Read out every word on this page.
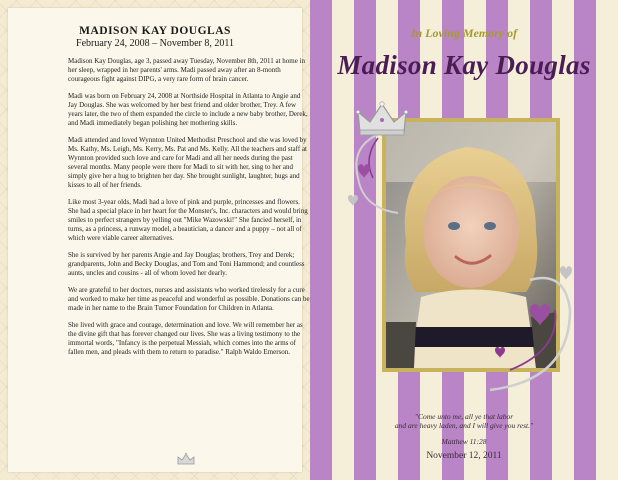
MADISON KAY DOUGLAS

February 24, 2008 – November 8, 2011

Madison Kay Douglas, age 3, passed away Tuesday, November 8th, 2011 at home in her sleep, wrapped in her parents' arms. Madi passed away after an 8-month courageous fight against DIPG, a very rare form of brain cancer.

Madi was born on February 24, 2008 at Northside Hospital in Atlanta to Angie and Jay Douglas. She was welcomed by her best friend and older brother, Trey. A few years later, the two of them expanded the circle to include a new baby brother, Derek, and Madi immediately began polishing her mothering skills.

Madi attended and loved Wynnton United Methodist Preschool and she was loved by Ms. Kathy, Ms. Leigh, Ms. Kerry, Ms. Pat and Ms. Kelly. All the teachers and staff at Wynnton provided such love and care for Madi and all her needs during the past several months. Many people were there for Madi to sit with her, sing to her and simply give her a hug to brighten her day. She brought sunlight, laughter, hugs and kisses to all of her friends.

Like most 3-year olds, Madi had a love of pink and purple, princesses and flowers. She had a special place in her heart for the Monster's, Inc. characters and would bring smiles to perfect strangers by yelling out "Mike Wazowski!" She fancied herself, in turns, as a princess, a runway model, a beautician, a dancer and a puppy – not all of which were viable career alternatives.

She is survived by her parents Angie and Jay Douglas; brothers, Trey and Derek; grandparents, John and Becky Douglas, and Tom and Toni Hammond; and countless aunts, uncles and cousins - all of whom loved her dearly.

We are grateful to her doctors, nurses and assistants who worked tirelessly for a cure and worked to make her time as peaceful and wonderful as possible. Donations can be made in her name to the Brain Tumor Foundation for Children in Atlanta.

She lived with grace and courage, determination and love. We will remember her as the divine gift that has forever changed our lives. She was a living testimony to the immortal words, "Infancy is the perpetual Messiah, which comes into the arms of fallen men, and pleads with them to return to paradise." Ralph Waldo Emerson.

In Loving Memory of

Madison Kay Douglas

"Come unto me, all ye that labor
and are heavy laden, and I will give you rest."

Matthew 11:28

November 12, 2011
